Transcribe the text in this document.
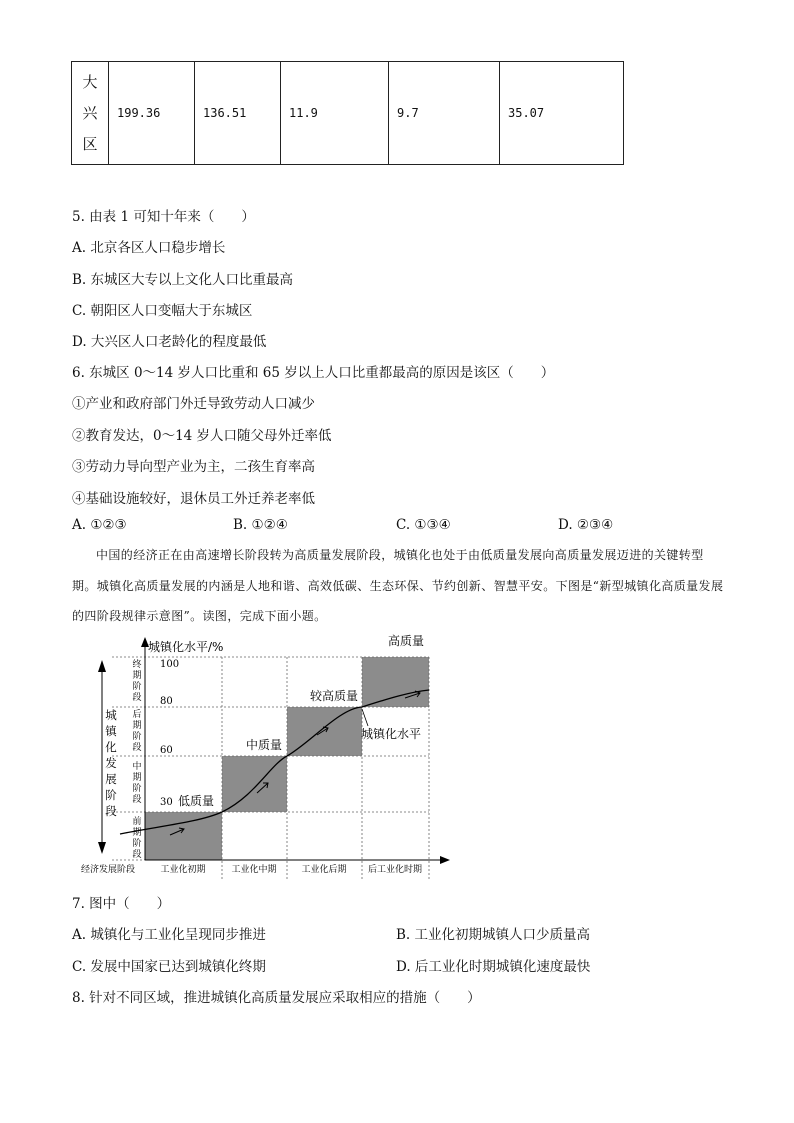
大
兴
区
	199.36	136.51	11.9	9.7	35.07
5. 由表 1 可知十年来（　　）
A. 北京各区人口稳步增长
B. 东城区大专以上文化人口比重最高
C. 朝阳区人口变幅大于东城区
D. 大兴区人口老龄化的程度最低
6. 东城区 0～14 岁人口比重和 65 岁以上人口比重都最高的原因是该区（　　）
①产业和政府部门外迁导致劳动人口减少
②教育发达，0～14 岁人口随父母外迁率低
③劳动力导向型产业为主，二孩生育率高
④基础设施较好，退休员工外迁养老率低
A. ①②③	B. ①②④	C. ①③④	D. ②③④
中国的经济正在由高速增长阶段转为高质量发展阶段，城镇化也处于由低质量发展向高质量发展迈进的关键转型期。城镇化高质量发展的内涵是人地和谐、高效低碳、生态环保、节约创新、智慧平安。下图是“新型城镇化高质量发展的四阶段规律示意图”。读图，完成下面小题。
城镇化水平/%
100
80
60
30 低质量
中质量
较高质量
高质量
城镇化水平
城
镇
化
发
展
阶
段
终
期
阶
段
后
期
阶
段
中
期
阶
段
前
期
阶
段
经济发展阶段	工业化初期	工业化中期	工业化后期 后工业化时期
7. 图中（　　）
A. 城镇化与工业化呈现同步推进	B. 工业化初期城镇人口少质量高
C. 发展中国家已达到城镇化终期	D. 后工业化时期城镇化速度最快
8. 针对不同区域，推进城镇化高质量发展应采取相应的措施（　　）
